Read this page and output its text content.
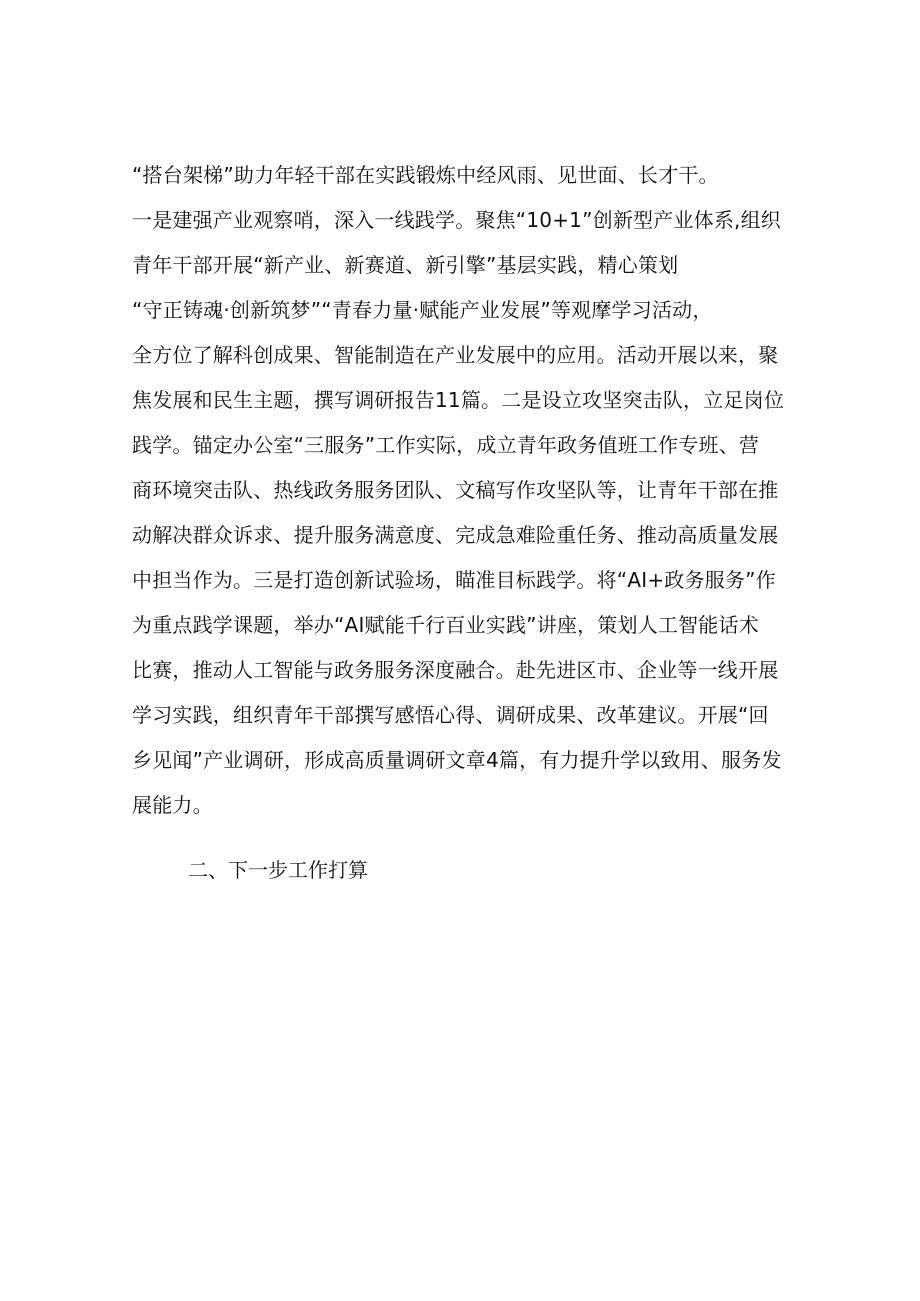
“搭台架梯”助力年轻干部在实践锻炼中经风雨、见世面、长才干。
一是建强产业观察哨，深入一线践学。聚焦“10+1”创新型产业体系,组织
青年干部开展“新产业、新赛道、新引擎”基层实践，精心策划
“守正铸魂·创新筑梦”“青春力量·赋能产业发展”等观摩学习活动，
全方位了解科创成果、智能制造在产业发展中的应用。活动开展以来，聚
焦发展和民生主题，撰写调研报告11篇。二是设立攻坚突击队，立足岗位
践学。锚定办公室“三服务”工作实际，成立青年政务值班工作专班、营
商环境突击队、热线政务服务团队、文稿写作攻坚队等，让青年干部在推
动解决群众诉求、提升服务满意度、完成急难险重任务、推动高质量发展
中担当作为。三是打造创新试验场，瞄准目标践学。将“AI+政务服务”作
为重点践学课题，举办“AI赋能千行百业实践”讲座，策划人工智能话术
比赛，推动人工智能与政务服务深度融合。赴先进区市、企业等一线开展
学习实践，组织青年干部撰写感悟心得、调研成果、改革建议。开展“回
乡见闻”产业调研，形成高质量调研文章4篇，有力提升学以致用、服务发
展能力。
二、下一步工作打算
